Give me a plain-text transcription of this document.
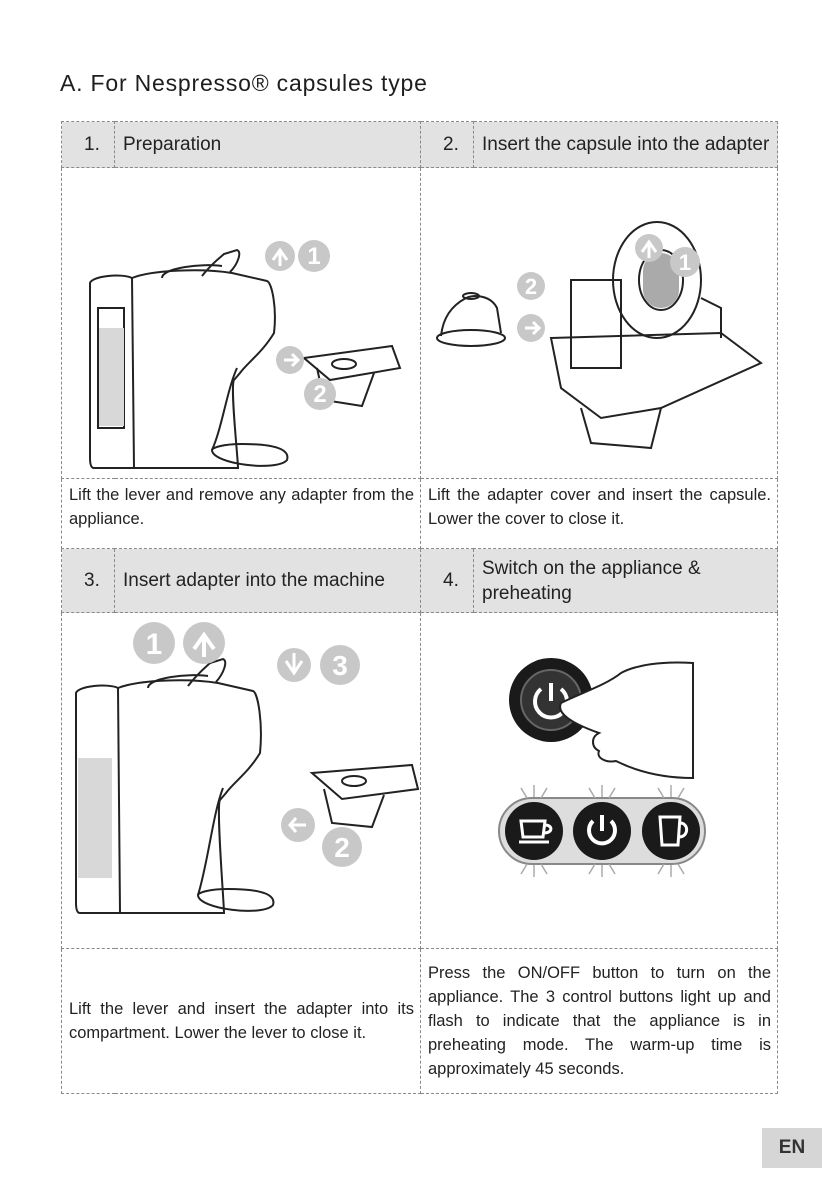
A. For Nespresso® capsules type
1.	Preparation	2.	Insert the capsule into the adapter

1
2		1
2	

Lift the lever and remove any adapter from the appliance.		Lift the adapter cover and insert the capsule. Lower the cover to close it.	
3.	Insert adapter into the machine	4.	Switch on the appliance & preheating

1
3
2

Lift the lever and insert the adapter into its compartment. Lower the lever to close it.		Press the ON/OFF button to turn on the appliance. The 3 control buttons light up and flash to indicate that the appliance is in preheating mode. The warm-up time is approximately 45 seconds.	
EN
